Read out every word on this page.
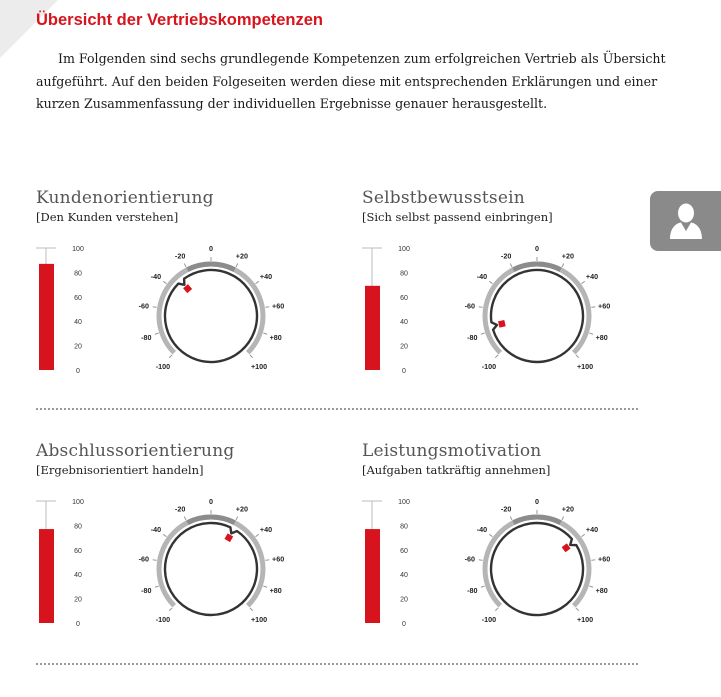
Übersicht der Vertriebskompetenzen

Im Folgenden sind sechs grundlegende Kompetenzen zum erfolgreichen Vertrieb als Übersicht aufgeführt. Auf den beiden Folgeseiten werden diese mit entsprechenden Erklärungen und einer kurzen Zusammenfassung der individuellen Ergebnisse genauer herausgestellt.

Kundenorientierung
[Den Kunden verstehen]
100
80
60
40
20
0
-100
-80
-60
-40
-20
0
+20
+40
+60
+80
+100
Selbstbewusstsein
[Sich selbst passend einbringen]
100
80
60
40
20
0
-100
-80
-60
-40
-20
0
+20
+40
+60
+80
+100
Abschlussorientierung
[Ergebnisorientiert handeln]
100
80
60
40
20
0
-100
-80
-60
-40
-20
0
+20
+40
+60
+80
+100
Leistungsmotivation
[Aufgaben tatkräftig annehmen]
100
80
60
40
20
0
-100
-80
-60
-40
-20
0
+20
+40
+60
+80
+100
